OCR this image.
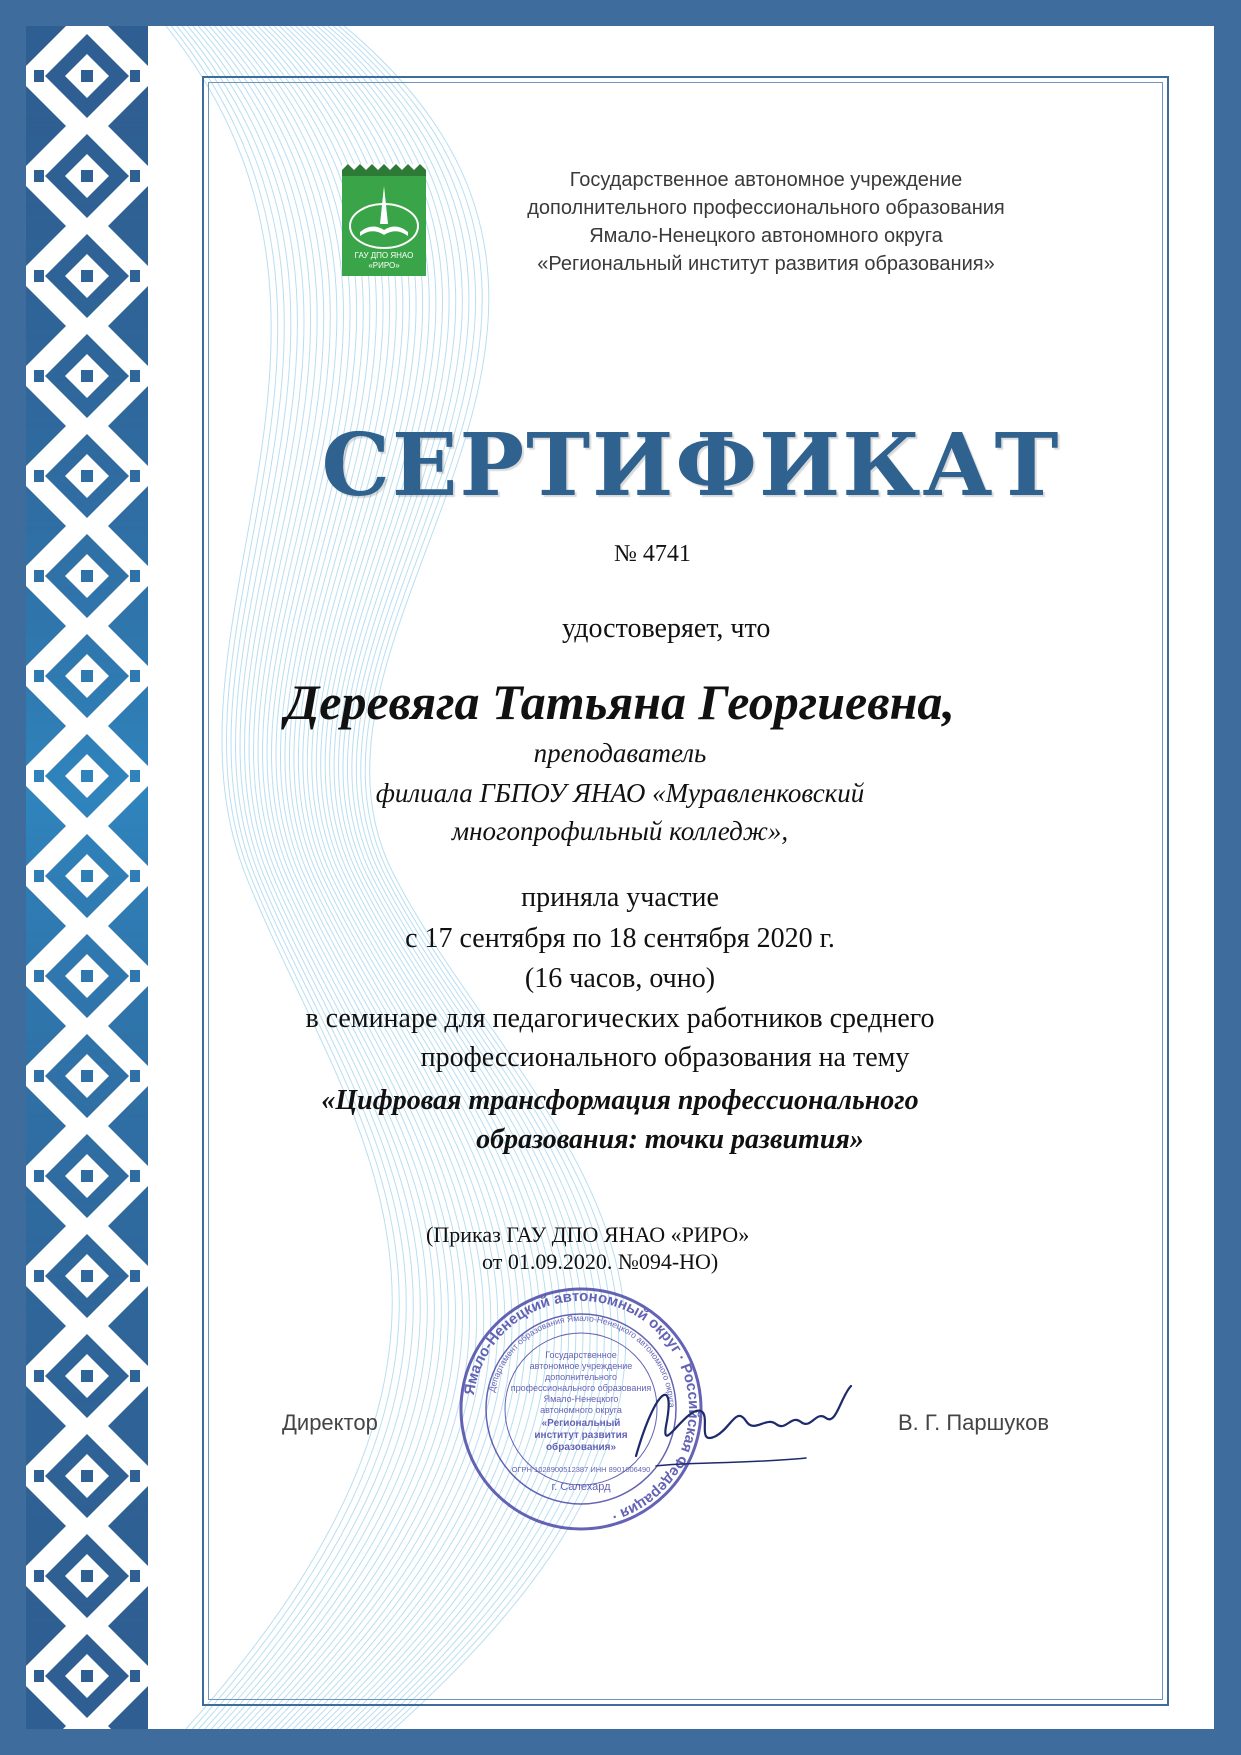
ГАУ ДПО ЯНАО
«РИРО»
Государственное автономное учреждение
дополнительного профессионального образования
Ямало-Ненецкого автономного округа
«Региональный институт развития образования»
СЕРТИФИКАТ
№ 4741
удостоверяет, что
Деревяга Татьяна Георгиевна,
преподаватель
филиала ГБПОУ ЯНАО «Муравленковский
многопрофильный колледж»,
приняла участие
с 17 сентября по 18 сентября 2020 г.
(16 часов, очно)
в семинаре для педагогических работников среднего
профессионального образования на тему
«Цифровая трансформация профессионального
образования: точки развития»
(Приказ ГАУ ДПО ЯНАО «РИРО»
от 01.09.2020. №094-НО)
Ямало-Ненецкий автономный округ · Российская Федерация ·
Департамент образования Ямало-Ненецкого автономного округа
Государственное
автономное учреждение
дополнительного
профессионального образования
Ямало-Ненецкого
автономного округа
«Региональный
институт развития
образования»
ОГРН 1028900512387 ИНН 8901006490
г. Салехард
Директор	В. Г. Паршуков
